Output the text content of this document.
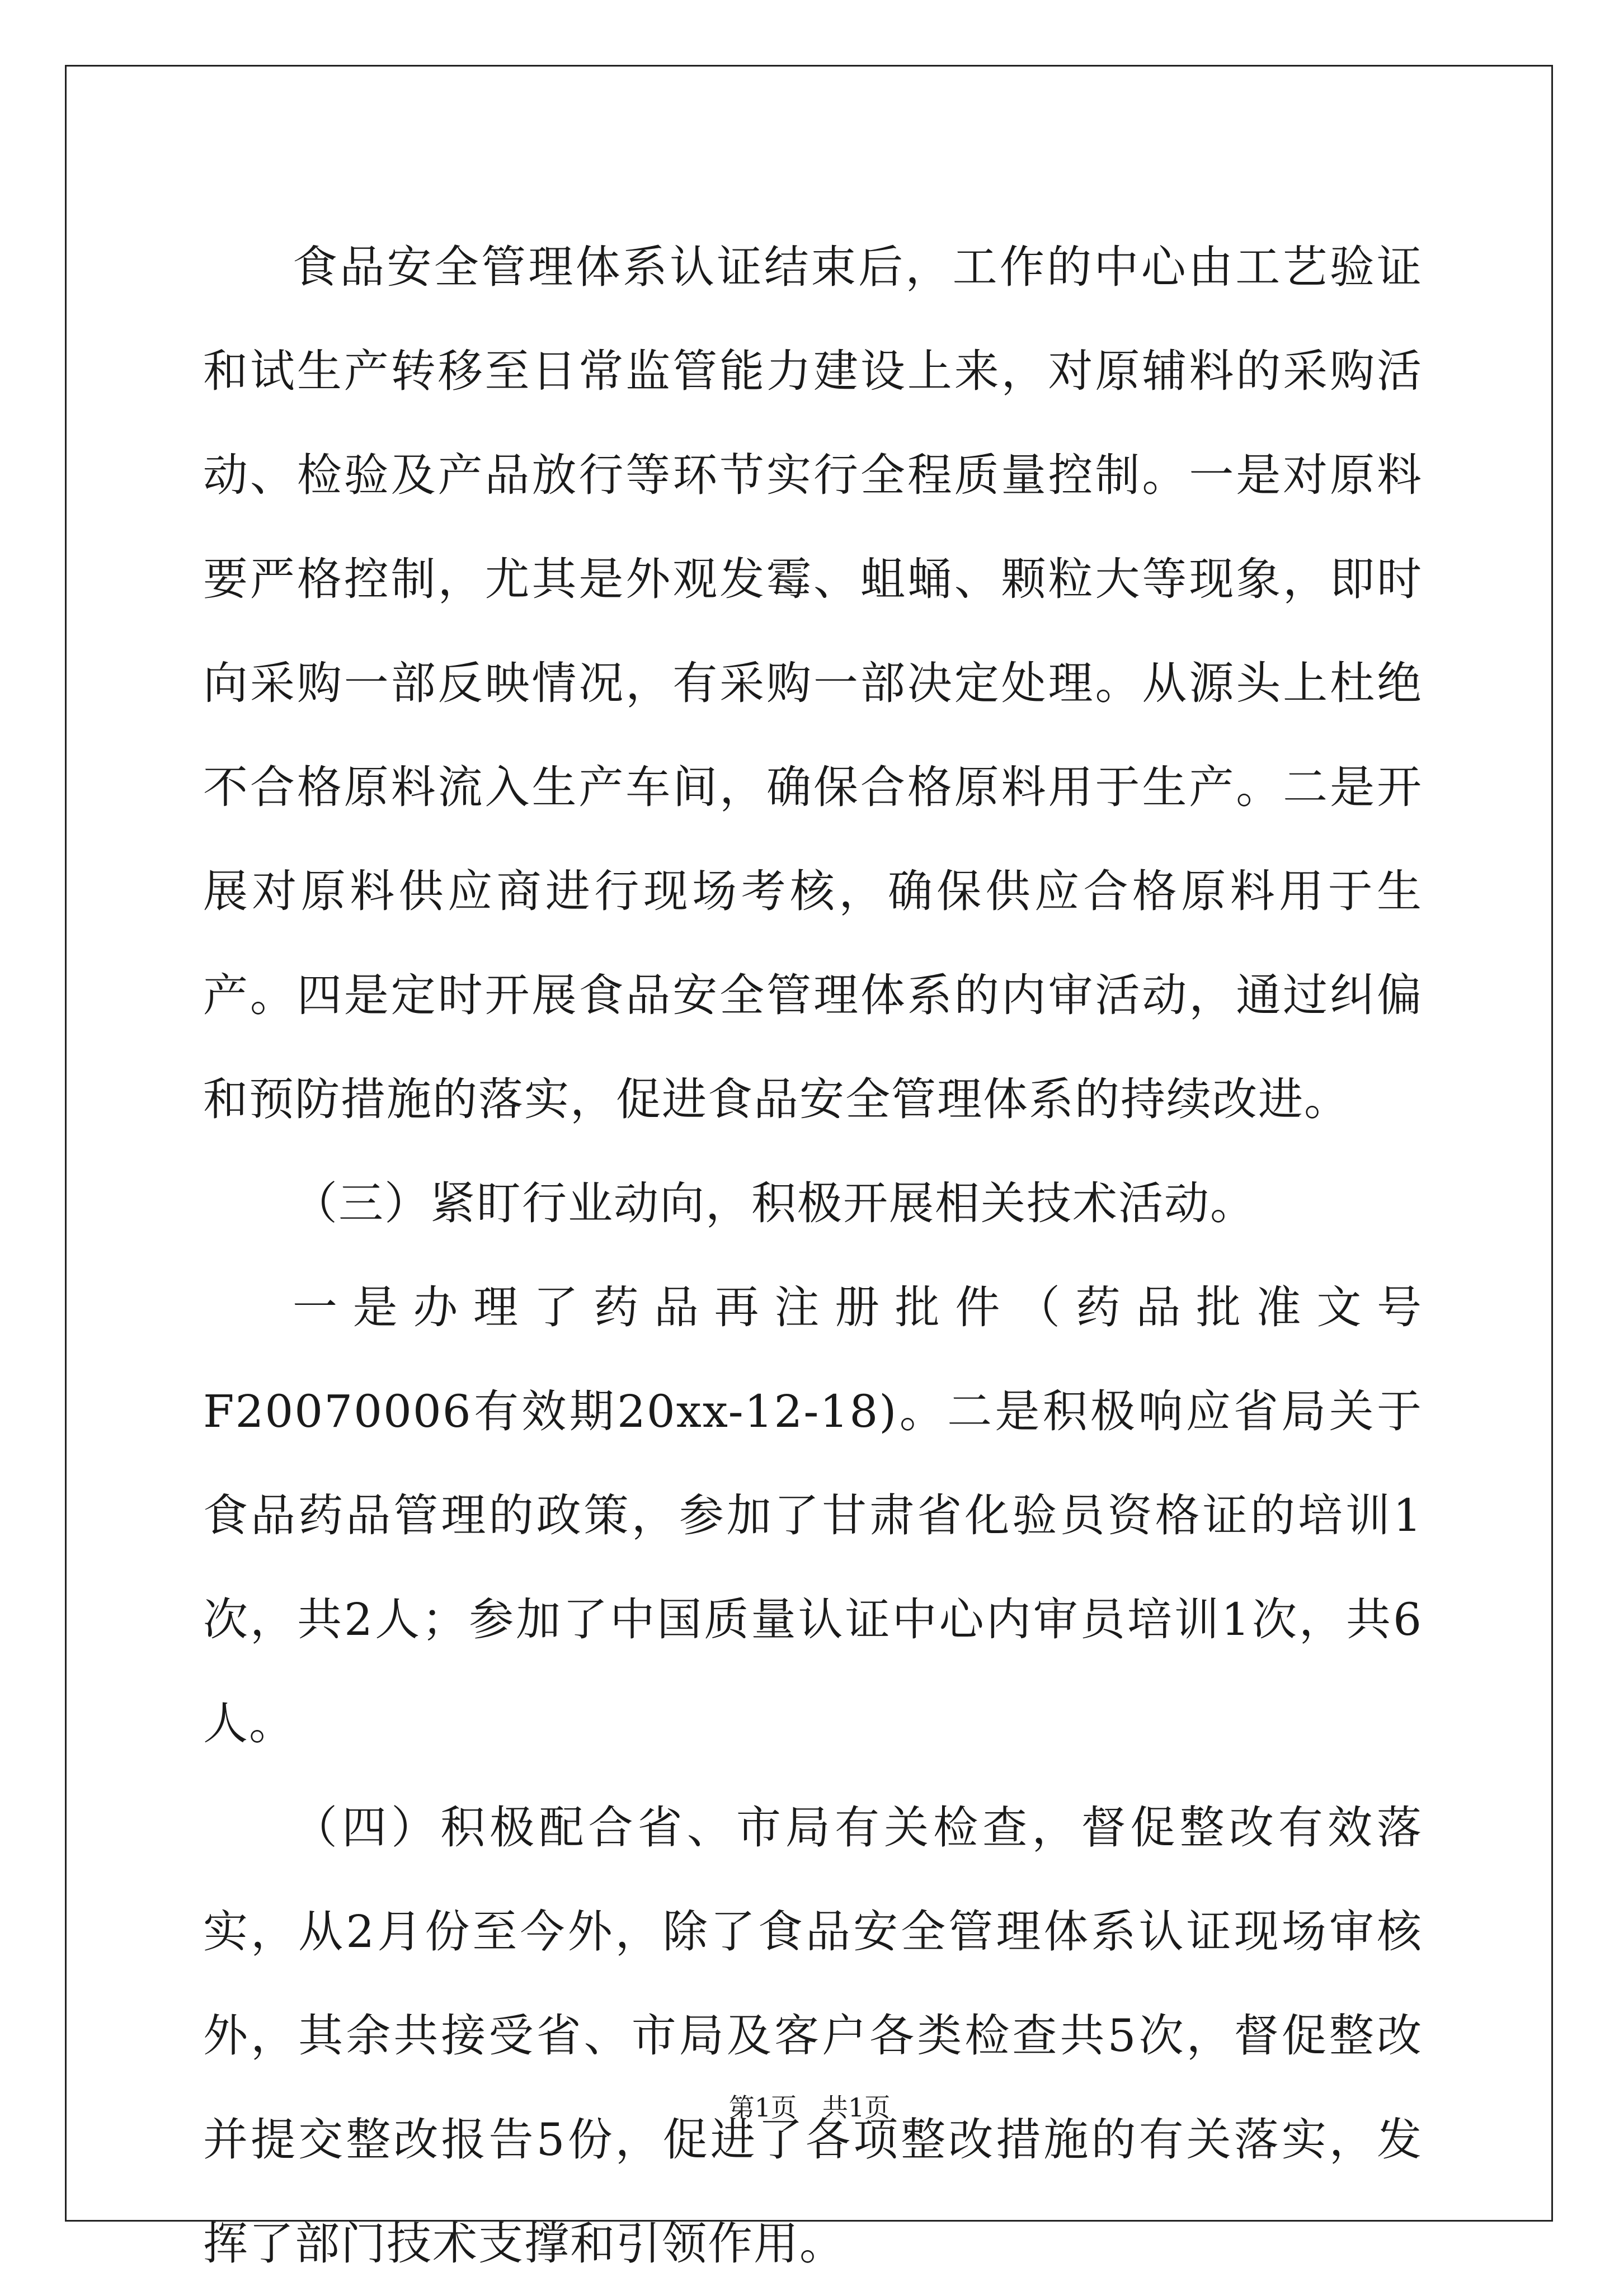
食品安全管理体系认证结束后，工作的中心由工艺验证和试生产转移至日常监管能力建设上来，对原辅料的采购活动、检验及产品放行等环节实行全程质量控制。一是对原料要严格控制，尤其是外观发霉、蛆蛹、颗粒大等现象，即时向采购一部反映情况，有采购一部决定处理。从源头上杜绝不合格原料流入生产车间，确保合格原料用于生产。二是开展对原料供应商进行现场考核，确保供应合格原料用于生产。四是定时开展食品安全管理体系的内审活动，通过纠偏和预防措施的落实，促进食品安全管理体系的持续改进。

（三）紧盯行业动向，积极开展相关技术活动。

一是办理了药品再注册批件（药品批准文号F20070006有效期20xx-12-18)。二是积极响应省局关于食品药品管理的政策，参加了甘肃省化验员资格证的培训1次，共2人；参加了中国质量认证中心内审员培训1次，共6人。

（四）积极配合省、市局有关检查，督促整改有效落实，从2月份至今外，除了食品安全管理体系认证现场审核外，其余共接受省、市局及客户各类检查共5次，督促整改并提交整改报告5份，促进了各项整改措施的有关落实，发挥了部门技术支撑和引领作用。

第1页 共1页
